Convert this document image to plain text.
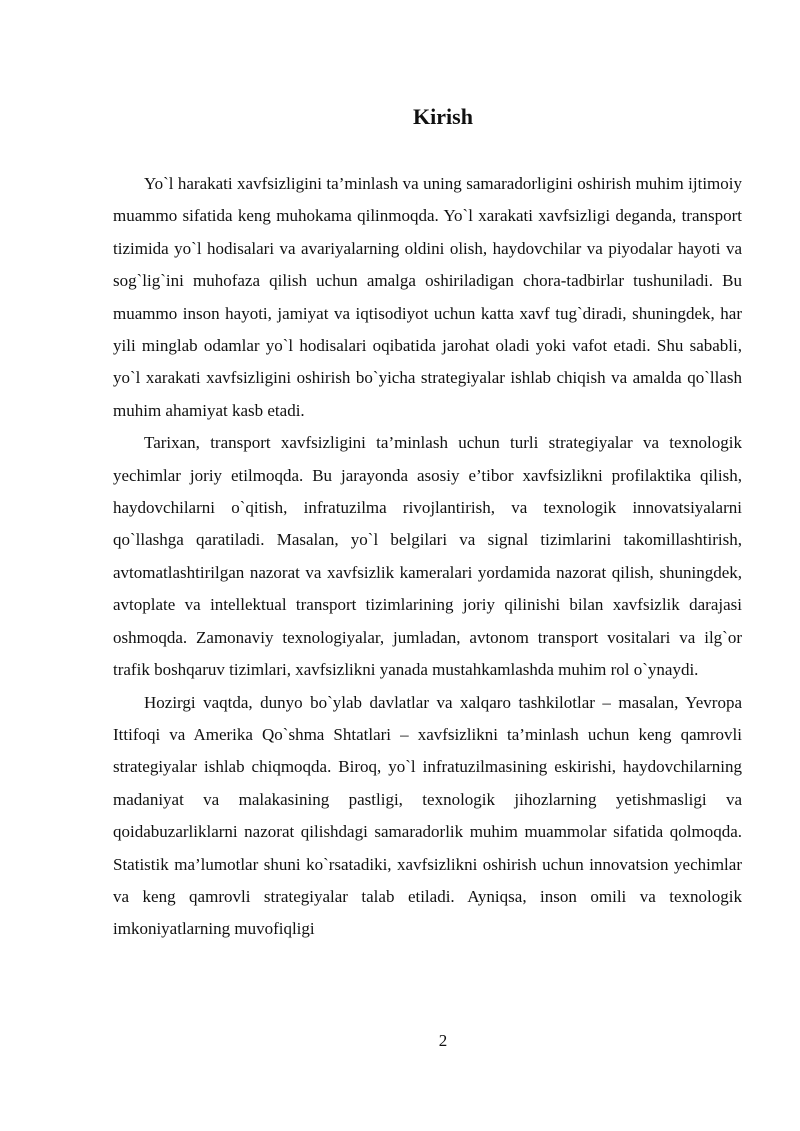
Kirish

Yo`l harakati xavfsizligini ta’minlash va uning samaradorligini oshirish muhim ijtimoiy muammo sifatida keng muhokama qilinmoqda. Yo`l xarakati xavfsizligi deganda, transport tizimida yo`l hodisalari va avariyalarning oldini olish, haydovchilar va piyodalar hayoti va sog`lig`ini muhofaza qilish uchun amalga oshiriladigan chora-tadbirlar tushuniladi. Bu muammo inson hayoti, jamiyat va iqtisodiyot uchun katta xavf tug`diradi, shuningdek, har yili minglab odamlar yo`l hodisalari oqibatida jarohat oladi yoki vafot etadi. Shu sababli, yo`l xarakati xavfsizligini oshirish bo`yicha strategiyalar ishlab chiqish va amalda qo`llash muhim ahamiyat kasb etadi.

Tarixan, transport xavfsizligini ta’minlash uchun turli strategiyalar va texnologik yechimlar joriy etilmoqda. Bu jarayonda asosiy e’tibor xavfsizlikni profilaktika qilish, haydovchilarni o`qitish, infratuzilma rivojlantirish, va texnologik innovatsiyalarni qo`llashga qaratiladi. Masalan, yo`l belgilari va signal tizimlarini takomillashtirish, avtomatlashtirilgan nazorat va xavfsizlik kameralari yordamida nazorat qilish, shuningdek, avtoplate va intellektual transport tizimlarining joriy qilinishi bilan xavfsizlik darajasi oshmoqda. Zamonaviy texnologiyalar, jumladan, avtonom transport vositalari va ilg`or trafik boshqaruv tizimlari, xavfsizlikni yanada mustahkamlashda muhim rol o`ynaydi.

Hozirgi vaqtda, dunyo bo`ylab davlatlar va xalqaro tashkilotlar – masalan, Yevropa Ittifoqi va Amerika Qo`shma Shtatlari – xavfsizlikni ta’minlash uchun keng qamrovli strategiyalar ishlab chiqmoqda. Biroq, yo`l infratuzilmasining eskirishi, haydovchilarning madaniyat va malakasining pastligi, texnologik jihozlarning yetishmasligi va qoidabuzarliklarni nazorat qilishdagi samaradorlik muhim muammolar sifatida qolmoqda. Statistik ma’lumotlar shuni ko`rsatadiki, xavfsizlikni oshirish uchun innovatsion yechimlar va keng qamrovli strategiyalar talab etiladi. Ayniqsa, inson omili va texnologik imkoniyatlarning muvofiqligi

2
